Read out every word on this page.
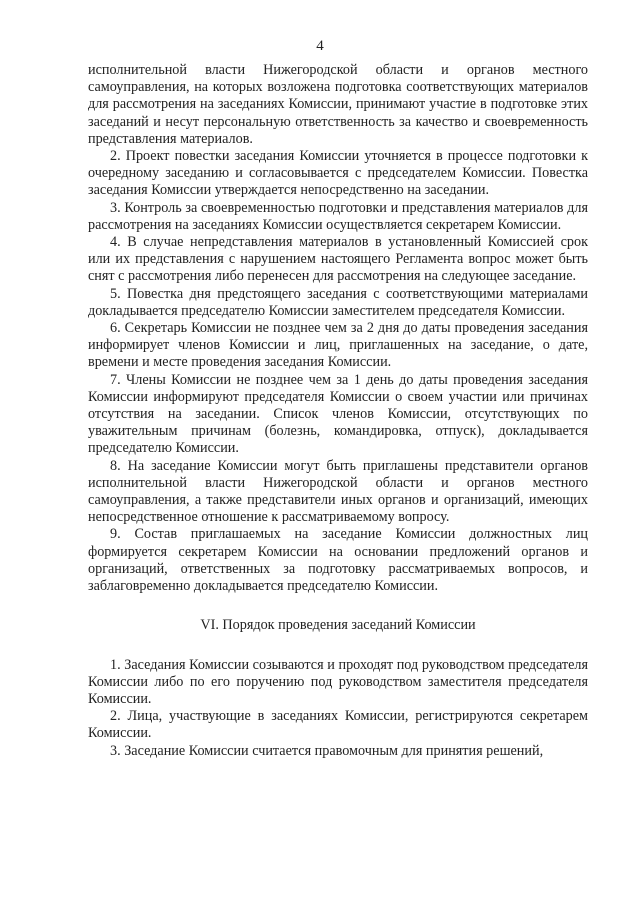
4

исполнительной власти Нижегородской области и органов местного самоуправления, на которых возложена подготовка соответствующих материалов для рассмотрения на заседаниях Комиссии, принимают участие в подготовке этих заседаний и несут персональную ответственность за качество и своевременность представления материалов.

2. Проект повестки заседания Комиссии уточняется в процессе подготовки к очередному заседанию и согласовывается с председателем Комиссии. Повестка заседания Комиссии утверждается непосредственно на заседании.

3. Контроль за своевременностью подготовки и представления материалов для рассмотрения на заседаниях Комиссии осуществляется секретарем Комиссии.

4. В случае непредставления материалов в установленный Комиссией срок или их представления с нарушением настоящего Регламента вопрос может быть снят с рассмотрения либо перенесен для рассмотрения на следующее заседание.

5. Повестка дня предстоящего заседания с соответствующими материалами докладывается председателю Комиссии заместителем председателя Комиссии.

6. Секретарь Комиссии не позднее чем за 2 дня до даты проведения заседания информирует членов Комиссии и лиц, приглашенных на заседание, о дате, времени и месте проведения заседания Комиссии.

7. Члены Комиссии не позднее чем за 1 день до даты проведения заседания Комиссии информируют председателя Комиссии о своем участии или причинах отсутствия на заседании. Список членов Комиссии, отсутствующих по уважительным причинам (болезнь, командировка, отпуск), докладывается председателю Комиссии.

8. На заседание Комиссии могут быть приглашены представители органов исполнительной власти Нижегородской области и органов местного самоуправления, а также представители иных органов и организаций, имеющих непосредственное отношение к рассматриваемому вопросу.

9. Состав приглашаемых на заседание Комиссии должностных лиц формируется секретарем Комиссии на основании предложений органов и организаций, ответственных за подготовку рассматриваемых вопросов, и заблаговременно докладывается председателю Комиссии.

VI. Порядок проведения заседаний Комиссии

1. Заседания Комиссии созываются и проходят под руководством председателя Комиссии либо по его поручению под руководством заместителя председателя Комиссии.

2. Лица, участвующие в заседаниях Комиссии, регистрируются секретарем Комиссии.

3. Заседание Комиссии считается правомочным для принятия решений,
